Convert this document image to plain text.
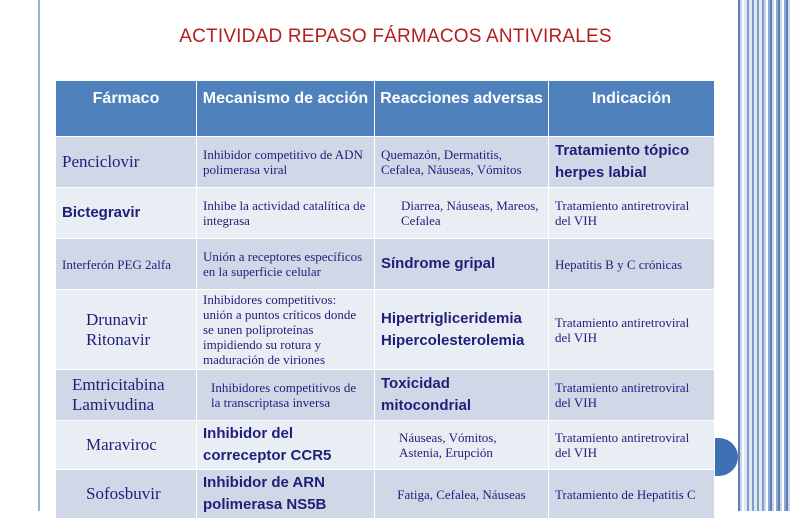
ACTIVIDAD REPASO FÁRMACOS ANTIVIRALES
Fármaco	Mecanismo de acción	Reacciones adversas	Indicación
Penciclovir	Inhibidor competitivo de ADN polimerasa viral	Quemazón, Dermatitis, Cefalea, Náuseas, Vómitos	Tratamiento tópico herpes labial
Bictegravir	Inhibe la actividad catalítica de integrasa	Diarrea, Náuseas, Mareos, Cefalea	Tratamiento antiretroviral del VIH
Interferón PEG 2alfa	Unión a receptores específicos en la superficie celular	Síndrome gripal	Hepatitis B y C crónicas
Drunavir Ritonavir	Inhibidores competitivos: unión a puntos críticos donde se unen poliproteínas impidiendo su rotura y maduración de viriones	Hipertrigliceridemia Hipercolesterolemia	Tratamiento antiretroviral del VIH
Emtricitabina Lamivudina	Inhibidores competitivos de la transcriptasa inversa	Toxicidad mitocondrial	Tratamiento antiretroviral del VIH
Maraviroc	Inhibidor del correceptor CCR5	Náuseas, Vómitos, Astenia, Erupción	Tratamiento antiretroviral del VIH
Sofosbuvir	Inhibidor de ARN polimerasa NS5B	Fatiga, Cefalea, Náuseas	Tratamiento de Hepatitis C
